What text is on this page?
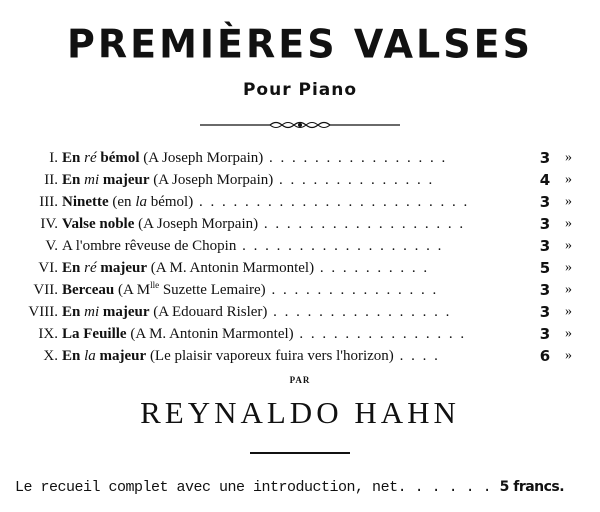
PREMIÈRES VALSES
Pour Piano
I. En ré bémol (A Joseph Morpain) . . . . . . . . . . . . . . . .	3 »
II. En mi majeur (A Joseph Morpain) . . . . . . . . . . . . . .	4 »
III. Ninette (en la bémol) . . . . . . . . . . . . . . . . . . . . . . . .	3 »
IV. Valse noble (A Joseph Morpain) . . . . . . . . . . . . . . . . . .	3 »
V. A l'ombre rêveuse de Chopin . . . . . . . . . . . . . . . . . .	3 »
VI. En ré majeur (A M. Antonin Marmontel) . . . . . . . . . .	5 »
VII. Berceau (A $M^{lle}$ Suzette Lemaire) . . . . . . . . . . . . . . .	3 »
VIII. En mi majeur (A Edouard Risler) . . . . . . . . . . . . . . . .	3 »
IX. La Feuille (A M. Antonin Marmontel) . . . . . . . . . . . . . . .	3 »
X. En la majeur (Le plaisir vaporeux fuira vers l'horizon) . . . .	6 »
PAR
REYNALDO HAHN
Le recueil complet avec une introduction, net. . . . . . 5 francs.
